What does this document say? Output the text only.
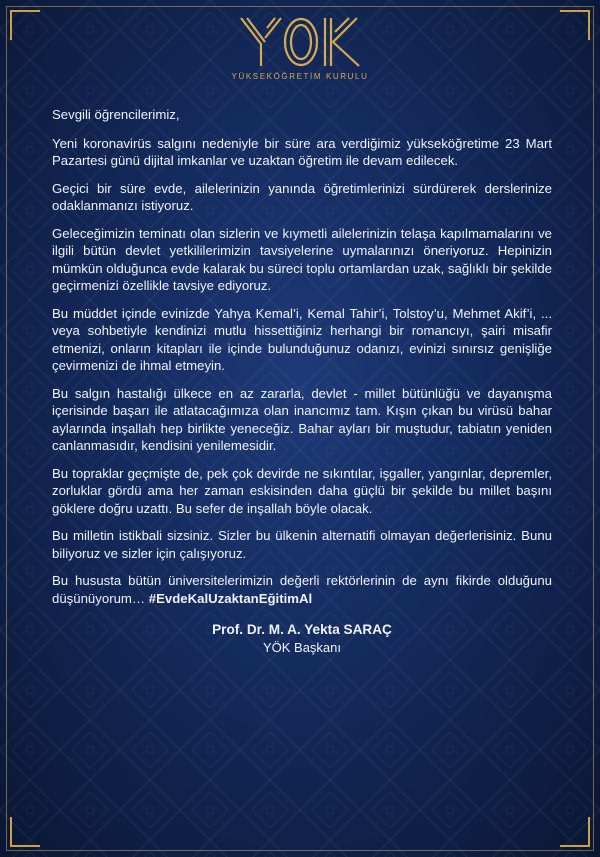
YÜKSEKÖĞRETİM KURULU

Sevgili öğrencilerimiz,

Yeni koronavirüs salgını nedeniyle bir süre ara verdiğimiz yükseköğretime 23 Mart Pazartesi günü dijital imkanlar ve uzaktan öğretim ile devam edilecek.

Geçici bir süre evde, ailelerinizin yanında öğretimlerinizi sürdürerek derslerinize odaklanmanızı istiyoruz.

Geleceğimizin teminatı olan sizlerin ve kıymetli ailelerinizin telaşa kapılmamalarını ve ilgili bütün devlet yetkililerimizin tavsiyelerine uymalarınızı öneriyoruz. Hepinizin mümkün olduğunca evde kalarak bu süreci toplu ortamlardan uzak, sağlıklı bir şekilde geçirmenizi özellikle tavsiye ediyoruz.

Bu müddet içinde evinizde Yahya Kemal’i, Kemal Tahir’i, Tolstoy’u, Mehmet Akif’i, ... veya sohbetiyle kendinizi mutlu hissettiğiniz herhangi bir romancıyı, şairi misafir etmenizi, onların kitapları ile içinde bulunduğunuz odanızı, evinizi sınırsız genişliğe çevirmenizi de ihmal etmeyin.

Bu salgın hastalığı ülkece en az zararla, devlet - millet bütünlüğü ve dayanışma içerisinde başarı ile atlatacağımıza olan inancımız tam. Kışın çıkan bu virüsü bahar aylarında inşallah hep birlikte yeneceğiz. Bahar ayları bir muştudur, tabiatın yeniden canlanmasıdır, kendisini yenilemesidir.

Bu topraklar geçmişte de, pek çok devirde ne sıkıntılar, işgaller, yangınlar, depremler, zorluklar gördü ama her zaman eskisinden daha güçlü bir şekilde bu millet başını göklere doğru uzattı. Bu sefer de inşallah böyle olacak.

Bu milletin istikbali sizsiniz. Sizler bu ülkenin alternatifi olmayan değerlerisiniz. Bunu biliyoruz ve sizler için çalışıyoruz.

Bu hususta bütün üniversitelerimizin değerli rektörlerinin de aynı fikirde olduğunu düşünüyorum… #EvdeKalUzaktanEğitimAl

Prof. Dr. M. A. Yekta SARAÇ
YÖK Başkanı
